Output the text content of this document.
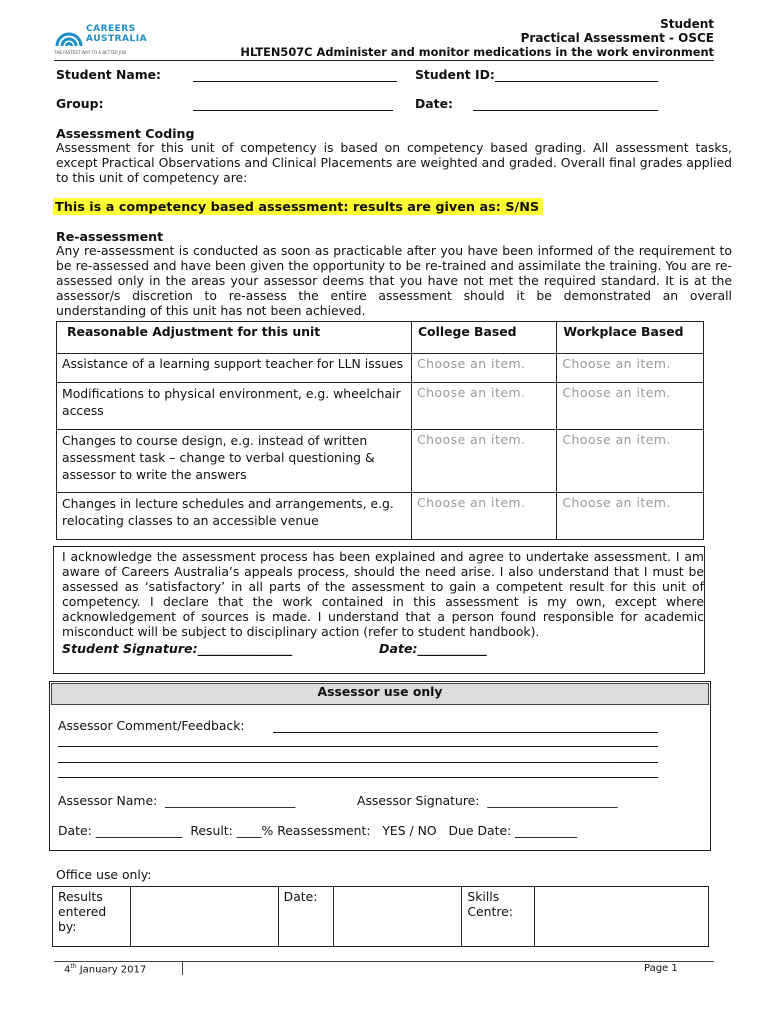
CAREERS
AUSTRALIA
THE FASTEST WAY TO A BETTER JOB
Student
Practical Assessment - OSCE
HLTEN507C Administer and monitor medications in the work environment
Student Name:	Student ID:
Group:	Date:
Assessment Coding
Assessment for this unit of competency is based on competency based grading. All assessment tasks, except Practical Observations and Clinical Placements are weighted and graded. Overall final grades applied to this unit of competency are:
This is a competency based assessment: results are given as: S/NS
Re-assessment
Any re-assessment is conducted as soon as practicable after you have been informed of the requirement to be re-assessed and have been given the opportunity to be re-trained and assimilate the training. You are re-assessed only in the areas your assessor deems that you have not met the required standard. It is at the assessor/s discretion to re-assess the entire assessment should it be demonstrated an overall understanding of this unit has not been achieved.
Reasonable Adjustment for this unit	College Based	Workplace Based
Assistance of a learning support teacher for LLN issues	Choose an item.	Choose an item.
Modifications to physical environment, e.g. wheelchair access	Choose an item.	Choose an item.
Changes to course design, e.g. instead of written assessment task – change to verbal questioning & assessor to write the answers	Choose an item.	Choose an item.
Changes in lecture schedules and arrangements, e.g. relocating classes to an accessible venue	Choose an item.	Choose an item.
I acknowledge the assessment process has been explained and agree to undertake assessment. I am aware of Careers Australia’s appeals process, should the need arise. I also understand that I must be assessed as ‘satisfactory’ in all parts of the assessment to gain a competent result for this unit of competency. I declare that the work contained in this assessment is my own, except where acknowledgement of sources is made. I understand that a person found responsible for academic misconduct will be subject to disciplinary action (refer to student handbook).
Student Signature:_______________	Date:___________
Assessor use only
Assessor Comment/Feedback:	___________
____
Assessor Name:  _____________________	Assessor Signature:  _____________________
Date: ______________  Result: ____% Reassessment:   YES / NO   Due Date: __________
Office use only:
Results entered by:		Date:		Skills Centre:	
4th January 2017	Page 1
